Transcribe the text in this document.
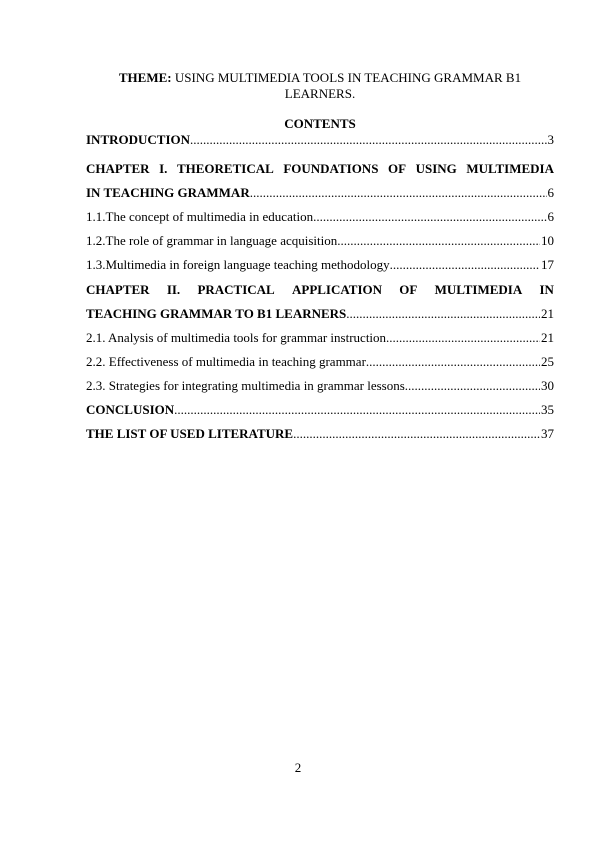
THEME: USING MULTIMEDIA TOOLS IN TEACHING GRAMMAR B1
LEARNERS.
CONTENTS
INTRODUCTION .....	3
CHAPTER I. THEORETICAL FOUNDATIONS OF USING MULTIMEDIA
IN TEACHING GRAMMAR .....	6
1.1. The concept of multimedia in education .....	6
1.2. The role of grammar in language acquisition .....	10
1.3. Multimedia in foreign language teaching methodology .....	17
CHAPTER II. PRACTICAL APPLICATION OF MULTIMEDIA IN
TEACHING GRAMMAR TO B1 LEARNERS .....	21
2.1. Analysis of multimedia tools for grammar instruction .....	21
2.2. Effectiveness of multimedia in teaching grammar .....	25
2.3. Strategies for integrating multimedia in grammar lessons .....	30
CONCLUSION .....	35
THE LIST OF USED LITERATURE .....	37
2
